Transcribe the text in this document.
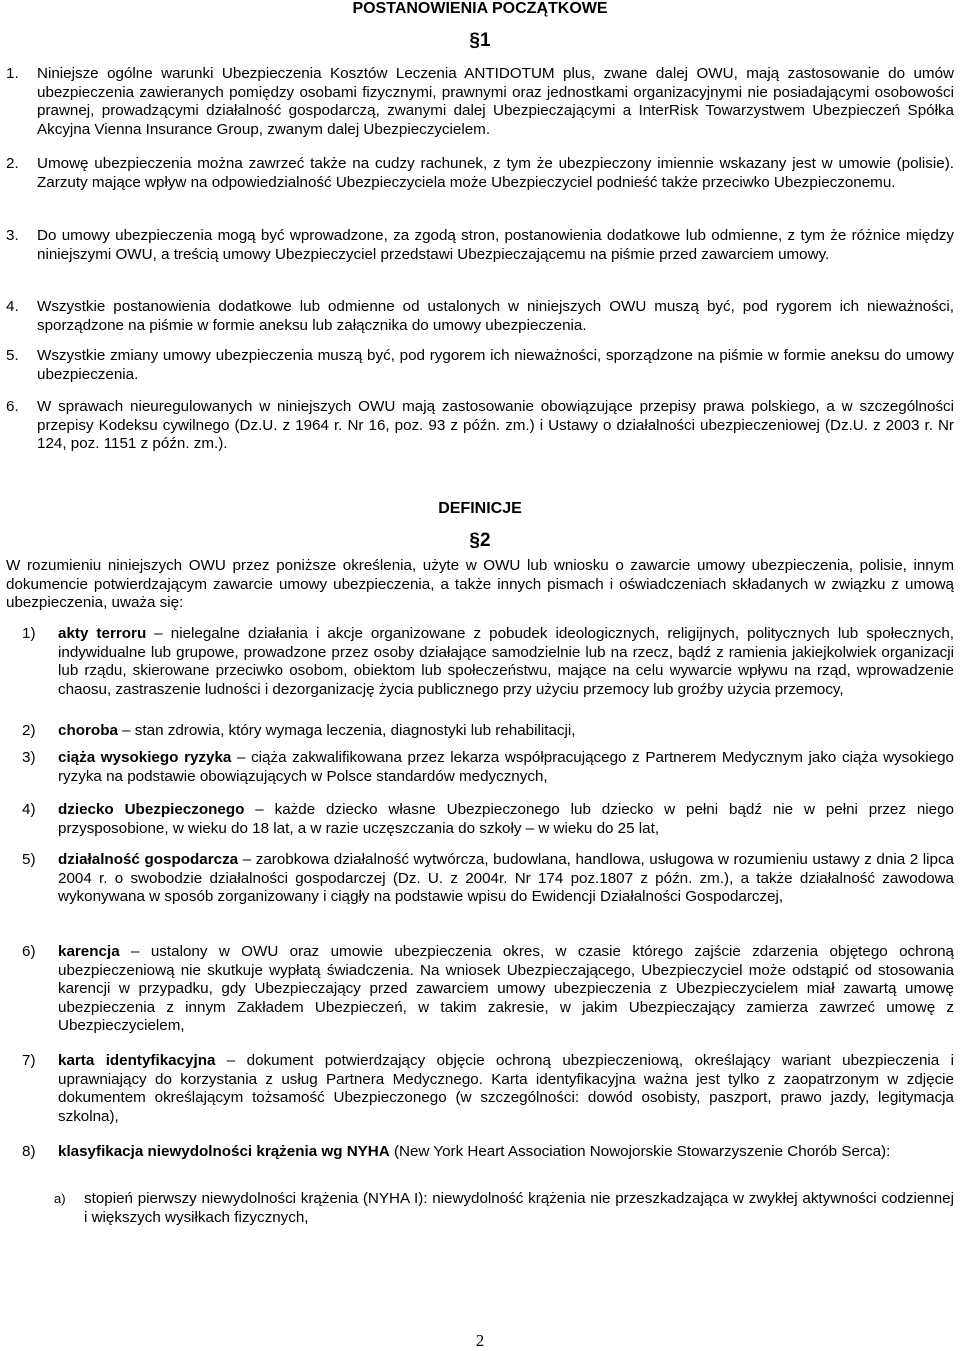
POSTANOWIENIA POCZĄTKOWE
§1
1. Niniejsze ogólne warunki Ubezpieczenia Kosztów Leczenia ANTIDOTUM plus, zwane dalej OWU, mają zastosowanie do umów ubezpieczenia zawieranych pomiędzy osobami fizycznymi, prawnymi oraz jednostkami organizacyjnymi nie posiadającymi osobowości prawnej, prowadzącymi działalność gospodarczą, zwanymi dalej Ubezpieczającymi a InterRisk Towarzystwem Ubezpieczeń Spółka Akcyjna Vienna Insurance Group, zwanym dalej Ubezpieczycielem.
2. Umowę ubezpieczenia można zawrzeć także na cudzy rachunek, z tym że ubezpieczony imiennie wskazany jest w umowie (polisie). Zarzuty mające wpływ na odpowiedzialność Ubezpieczyciela może Ubezpieczyciel podnieść także przeciwko Ubezpieczonemu.
3. Do umowy ubezpieczenia mogą być wprowadzone, za zgodą stron, postanowienia dodatkowe lub odmienne, z tym że różnice między niniejszymi OWU, a treścią umowy Ubezpieczyciel przedstawi Ubezpieczającemu na piśmie przed zawarciem umowy.
4. Wszystkie postanowienia dodatkowe lub odmienne od ustalonych w niniejszych OWU muszą być, pod rygorem ich nieważności, sporządzone na piśmie w formie aneksu lub załącznika do umowy ubezpieczenia.
5. Wszystkie zmiany umowy ubezpieczenia muszą być, pod rygorem ich nieważności, sporządzone na piśmie w formie aneksu do umowy ubezpieczenia.
6. W sprawach nieuregulowanych w niniejszych OWU mają zastosowanie obowiązujące przepisy prawa polskiego, a w szczególności przepisy Kodeksu cywilnego (Dz.U. z 1964 r. Nr 16, poz. 93 z późn. zm.) i Ustawy o działalności ubezpieczeniowej (Dz.U. z 2003 r. Nr 124, poz. 1151 z późn. zm.).
DEFINICJE
§2
W rozumieniu niniejszych OWU przez poniższe określenia, użyte w OWU lub wniosku o zawarcie umowy ubezpieczenia, polisie, innym dokumencie potwierdzającym zawarcie umowy ubezpieczenia, a także innych pismach i oświadczeniach składanych w związku z umową ubezpieczenia, uważa się:
1) akty terroru – nielegalne działania i akcje organizowane z pobudek ideologicznych, religijnych, politycznych lub społecznych, indywidualne lub grupowe, prowadzone przez osoby działające samodzielnie lub na rzecz, bądź z ramienia jakiejkolwiek organizacji lub rządu, skierowane przeciwko osobom, obiektom lub społeczeństwu, mające na celu wywarcie wpływu na rząd, wprowadzenie chaosu, zastraszenie ludności i dezorganizację życia publicznego przy użyciu przemocy lub groźby użycia przemocy,
2) choroba – stan zdrowia, który wymaga leczenia, diagnostyki lub rehabilitacji,
3) ciąża wysokiego ryzyka – ciąża zakwalifikowana przez lekarza współpracującego z Partnerem Medycznym jako ciąża wysokiego ryzyka na podstawie obowiązujących w Polsce standardów medycznych,
4) dziecko Ubezpieczonego – każde dziecko własne Ubezpieczonego lub dziecko w pełni bądź nie w pełni przez niego przysposobione, w wieku do 18 lat, a w razie uczęszczania do szkoły – w wieku do 25 lat,
5) działalność gospodarcza – zarobkowa działalność wytwórcza, budowlana, handlowa, usługowa w rozumieniu ustawy z dnia 2 lipca 2004 r. o swobodzie działalności gospodarczej (Dz. U. z 2004r. Nr 174 poz.1807 z późn. zm.), a także działalność zawodowa wykonywana w sposób zorganizowany i ciągły na podstawie wpisu do Ewidencji Działalności Gospodarczej,
6) karencja – ustalony w OWU oraz umowie ubezpieczenia okres, w czasie którego zajście zdarzenia objętego ochroną ubezpieczeniową nie skutkuje wypłatą świadczenia. Na wniosek Ubezpieczającego, Ubezpieczyciel może odstąpić od stosowania karencji w przypadku, gdy Ubezpieczający przed zawarciem umowy ubezpieczenia z Ubezpieczycielem miał zawartą umowę ubezpieczenia z innym Zakładem Ubezpieczeń, w takim zakresie, w jakim Ubezpieczający zamierza zawrzeć umowę z Ubezpieczycielem,
7) karta identyfikacyjna – dokument potwierdzający objęcie ochroną ubezpieczeniową, określający wariant ubezpieczenia i uprawniający do korzystania z usług Partnera Medycznego. Karta identyfikacyjna ważna jest tylko z zaopatrzonym w zdjęcie dokumentem określającym tożsamość Ubezpieczonego (w szczególności: dowód osobisty, paszport, prawo jazdy, legitymacja szkolna),
8) klasyfikacja niewydolności krążenia wg NYHA (New York Heart Association Nowojorskie Stowarzyszenie Chorób Serca):
a) stopień pierwszy niewydolności krążenia (NYHA I): niewydolność krążenia nie przeszkadzająca w zwykłej aktywności codziennej i większych wysiłkach fizycznych,
2
